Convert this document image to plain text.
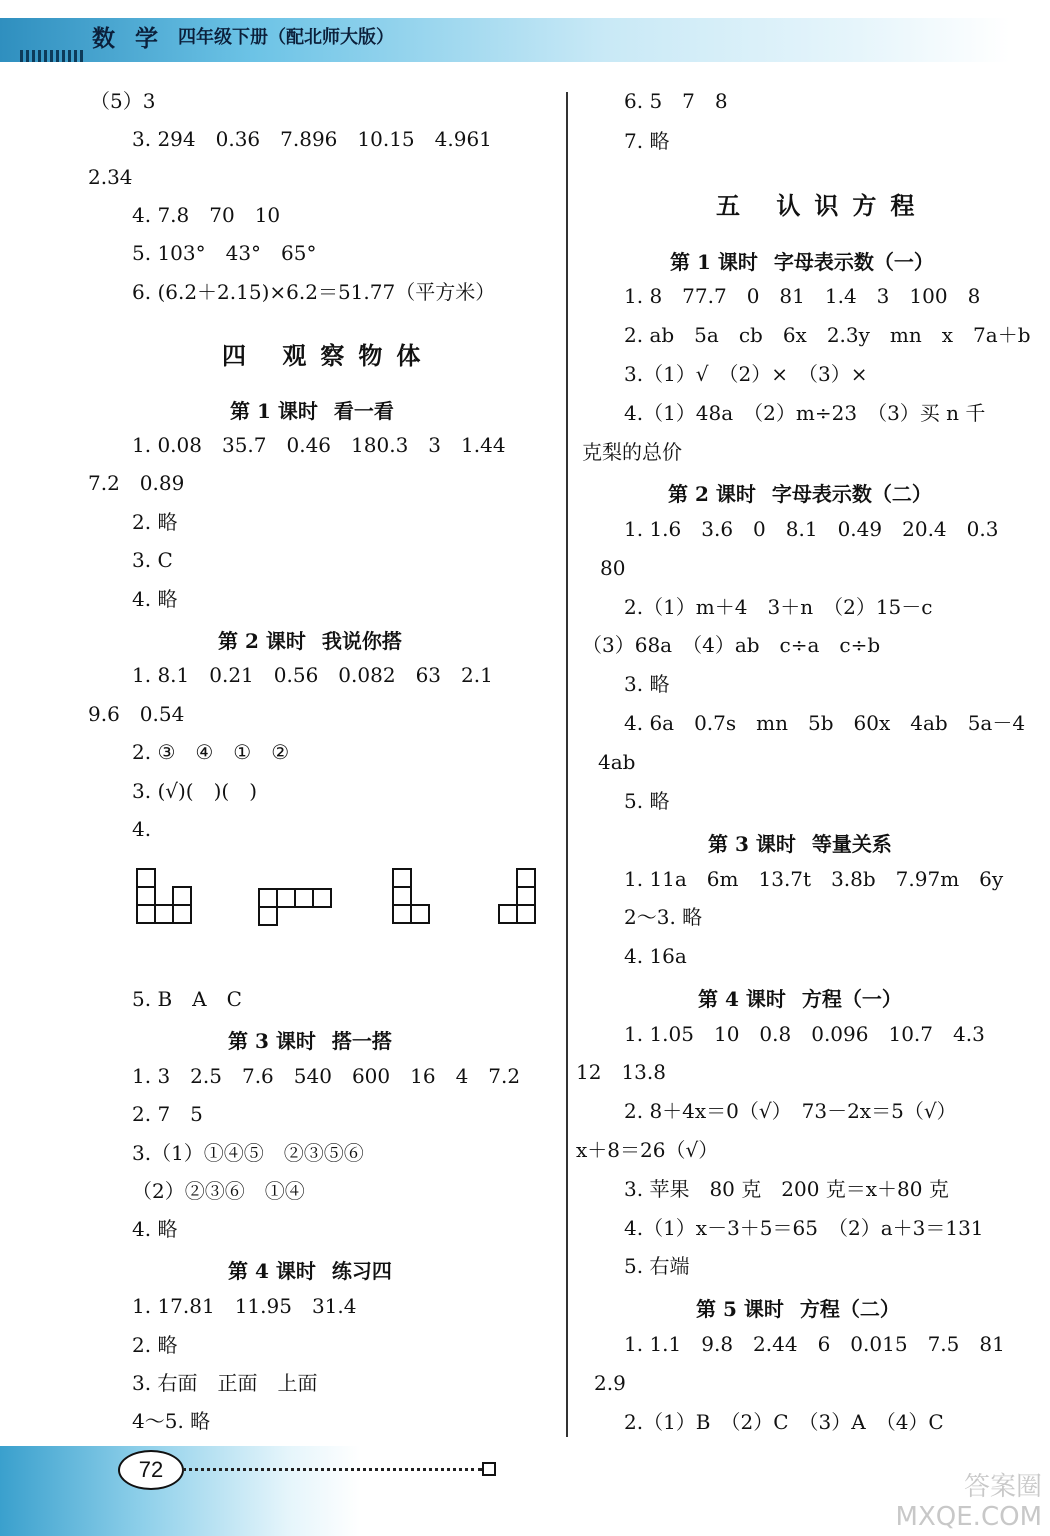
数 学 四年级下册（配北师大版）
（5）3
3. 294　0.36　7.896　10.15　4.961
2.34
4. 7.8　70　10
5. 103°　43°　65°
6. (6.2＋2.15)×6.2＝51.77（平方米）
四 观察物体
第 1 课时 看一看
1. 0.08　35.7　0.46　180.3　3　1.44
7.2　0.89
2. 略
3. C
4. 略
第 2 课时 我说你搭
1. 8.1　0.21　0.56　0.082　63　2.1
9.6　0.54
2. ③　④　①　②
3. (√)(　)(　)
4.
5. B　A　C
第 3 课时 搭一搭
1. 3　2.5　7.6　540　600　16　4　7.2
2. 7　5
3.（1）①④⑤　②③⑤⑥
（2）②③⑥　①④
4. 略
第 4 课时 练习四
1. 17.81　11.95　31.4
2. 略
3. 右面　正面　上面
4～5. 略
6. 5　7　8
7. 略
五 认识方程
第 1 课时 字母表示数（一）
1. 8　77.7　0　81　1.4　3　100　8
2. ab　5a　cb　6x　2.3y　mn　x　7a＋b
3.（1）√　（2）×　（3）×
4.（1）48a　（2）m÷23　（3）买 n 千
克梨的总价
第 2 课时 字母表示数（二）
1. 1.6　3.6　0　8.1　0.49　20.4　0.3
80
2.（1）m＋4　3＋n　（2）15－c
（3）68a　（4）ab　c÷a　c÷b
3. 略
4. 6a　0.7s　mn　5b　60x　4ab　5a－4
4ab
5. 略
第 3 课时 等量关系
1. 11a　6m　13.7t　3.8b　7.97m　6y
2～3. 略
4. 16a
第 4 课时 方程（一）
1. 1.05　10　0.8　0.096　10.7　4.3
12　13.8
2. 8＋4x＝0（√）　73－2x＝5（√）
x＋8＝26（√）
3. 苹果　80 克　200 克＝x＋80 克
4.（1）x－3＋5＝65　（2）a＋3＝131
5. 右端
第 5 课时 方程（二）
1. 1.1　9.8　2.44　6　0.015　7.5　81
2.9
2.（1）B　（2）C　（3）A　（4）C
72
答案圈
MXQE.COM
